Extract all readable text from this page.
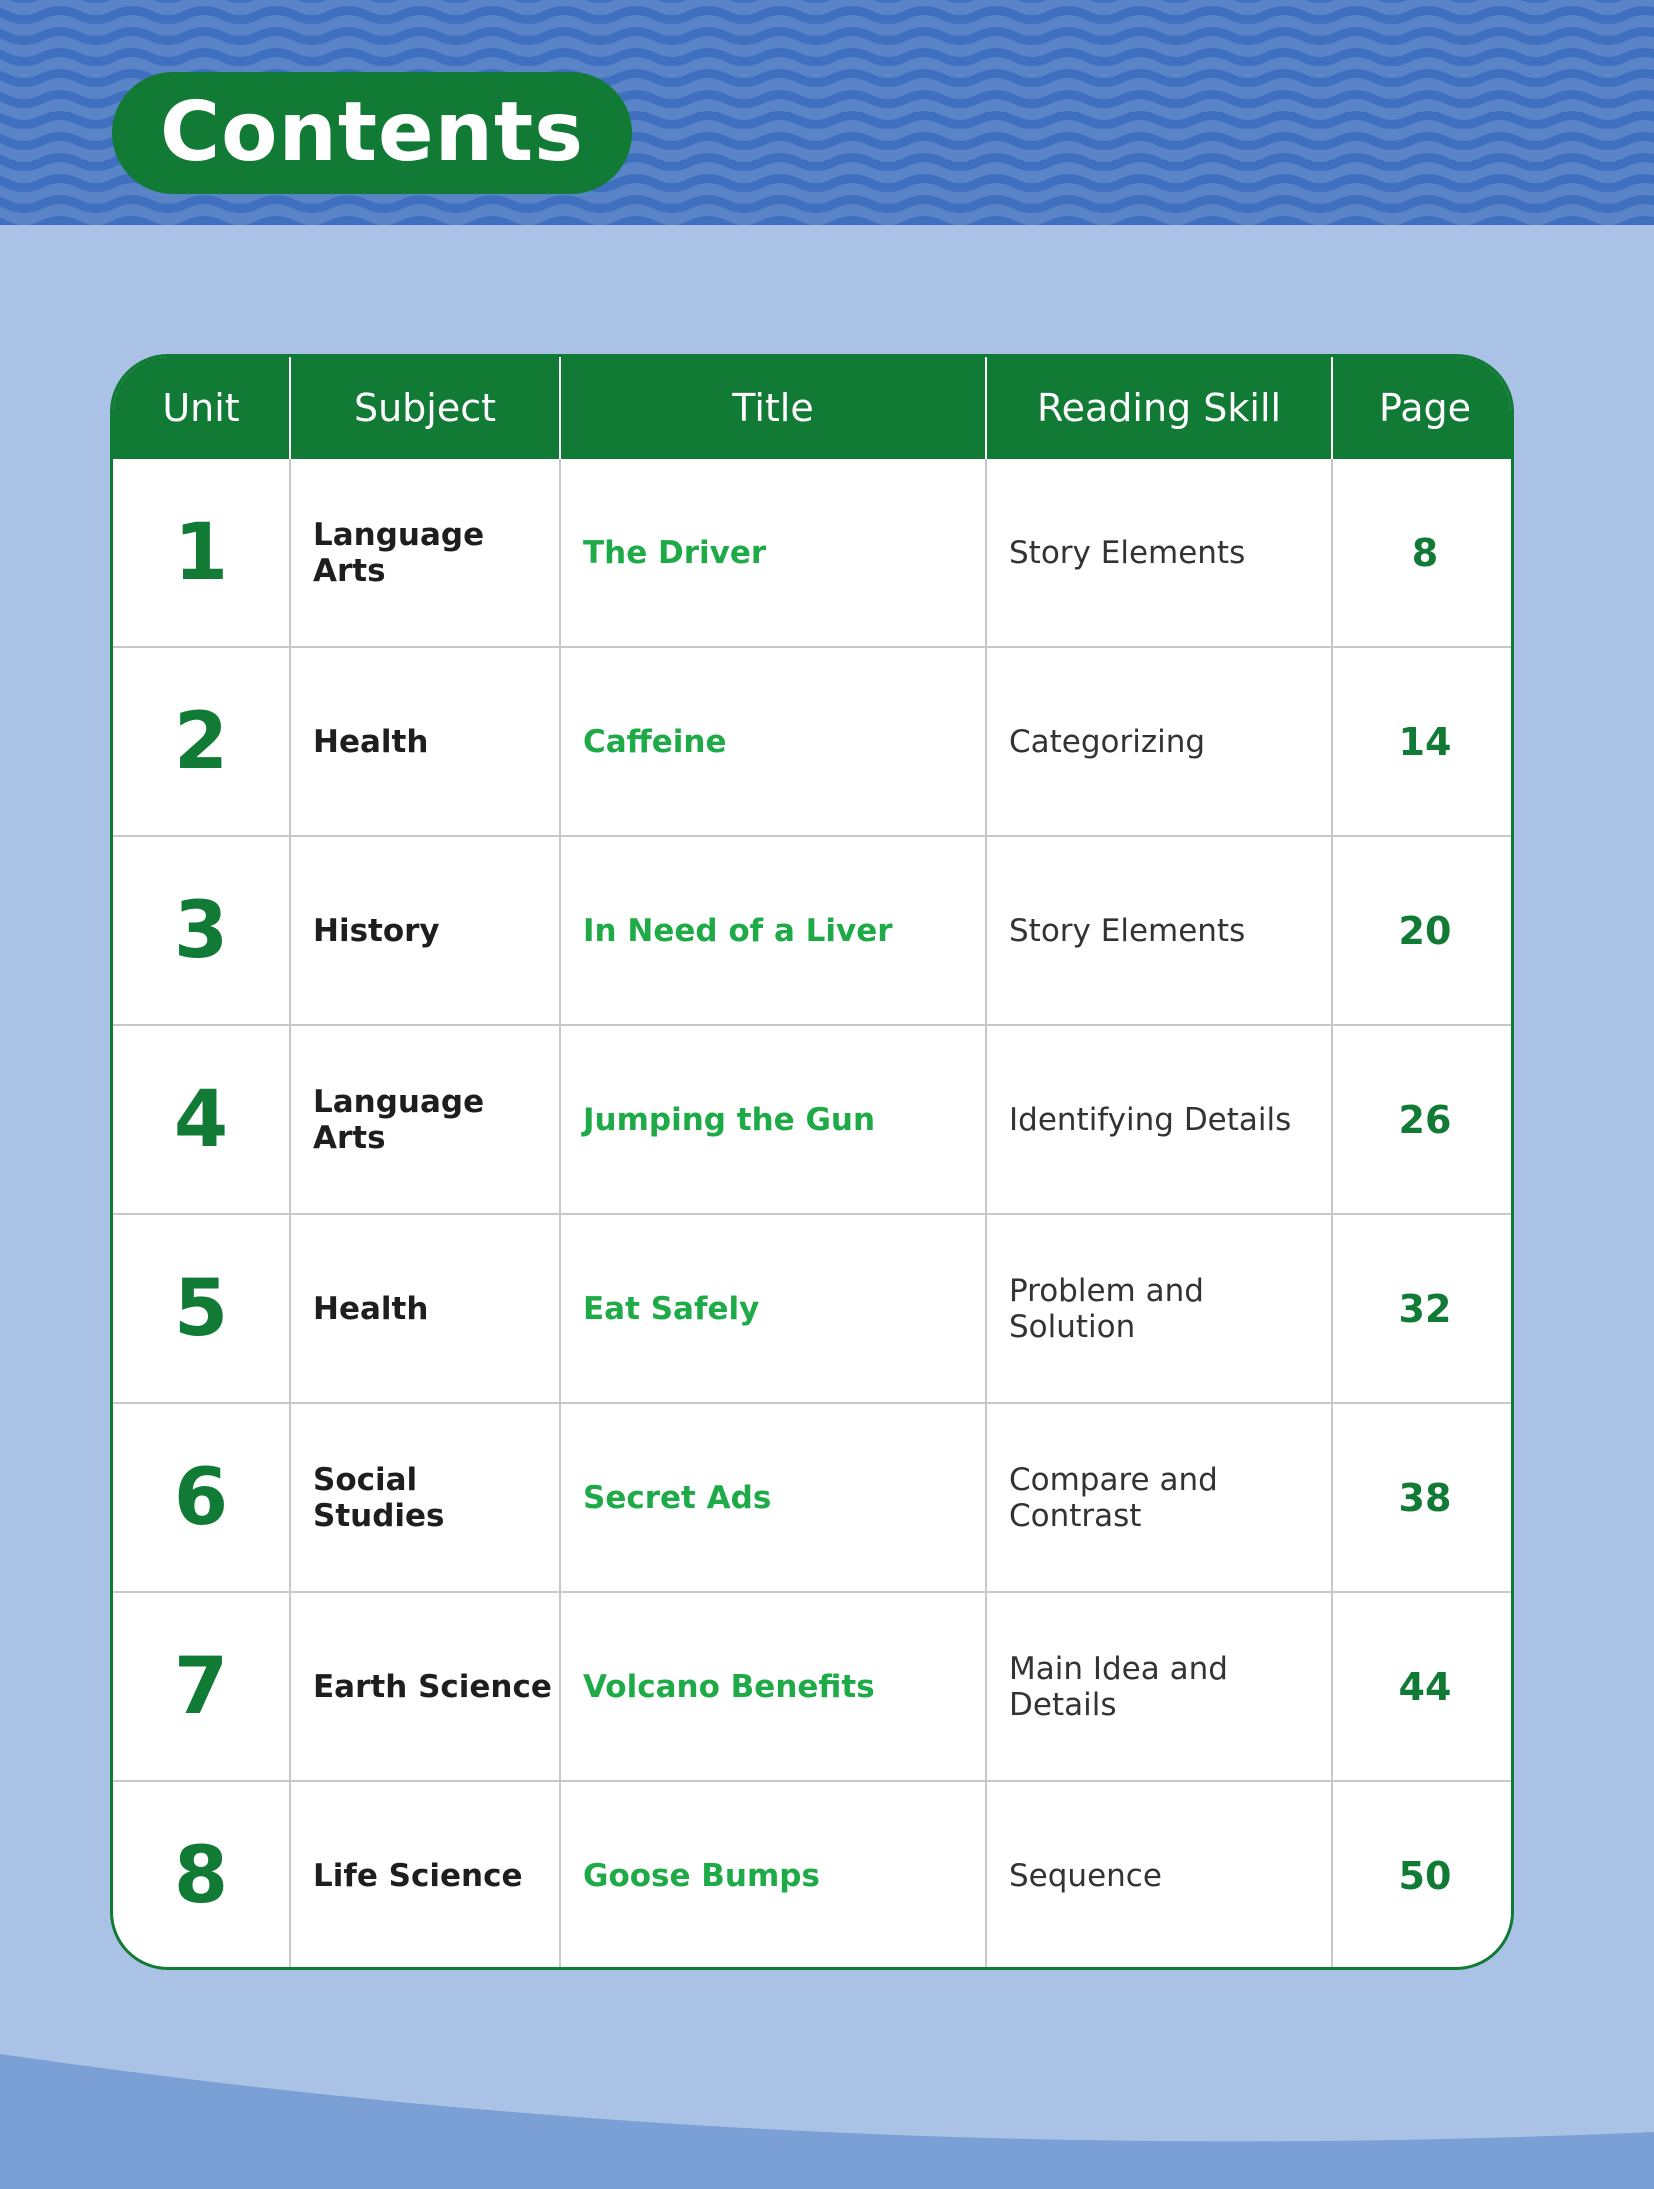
Contents
Unit	Subject	Title	Reading Skill	Page
1	Language Arts	The Driver	Story Elements	8
2	Health	Caffeine	Categorizing	14
3	History	In Need of a Liver	Story Elements	20
4	Language Arts	Jumping the Gun	Identifying Details	26
5	Health	Eat Safely	Problem and Solution	32
6	Social Studies	Secret Ads	Compare and Contrast	38
7	Earth Science	Volcano Benefits	Main Idea and Details	44
8	Life Science	Goose Bumps	Sequence	50
